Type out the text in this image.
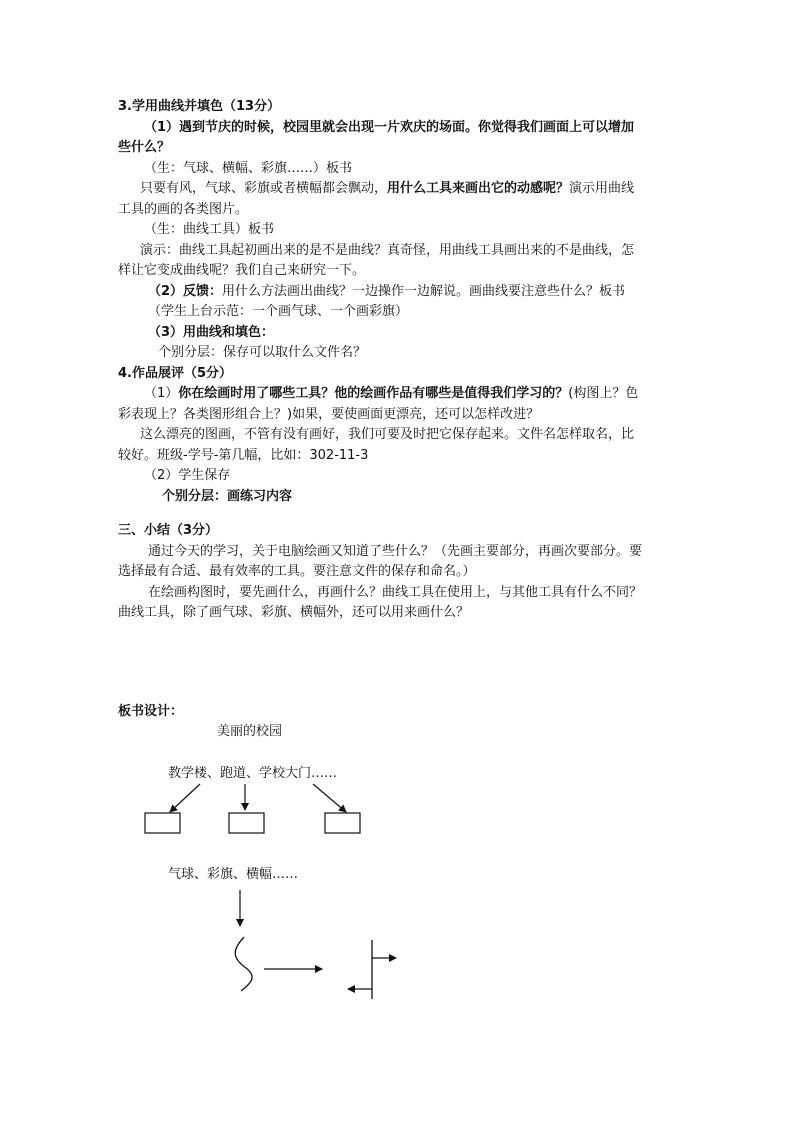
3.学用曲线并填色（13分）

（1）遇到节庆的时候，校园里就会出现一片欢庆的场面。你觉得我们画面上可以增加

些什么？

（生：气球、横幅、彩旗……）板书

只要有风，气球、彩旗或者横幅都会飘动，用什么工具来画出它的动感呢？演示用曲线

工具的画的各类图片。

（生：曲线工具）板书

演示：曲线工具起初画出来的是不是曲线？真奇怪，用曲线工具画出来的不是曲线，怎

样让它变成曲线呢？我们自己来研究一下。

（2）反馈：用什么方法画出曲线？一边操作一边解说。画曲线要注意些什么？板书

（学生上台示范：一个画气球、一个画彩旗）

（3）用曲线和填色：

个别分层：保存可以取什么文件名？

4.作品展评（5分）

（1）你在绘画时用了哪些工具？他的绘画作品有哪些是值得我们学习的？(构图上？色

彩表现上？各类图形组合上？)如果，要使画面更漂亮，还可以怎样改进？

这么漂亮的图画，不管有没有画好，我们可要及时把它保存起来。文件名怎样取名，比

较好。班级-学号-第几幅，比如：302-11-3

（2）学生保存

个别分层：画练习内容

三、小结（3分）

通过今天的学习，关于电脑绘画又知道了些什么？（先画主要部分，再画次要部分。要

选择最有合适、最有效率的工具。要注意文件的保存和命名。）

在绘画构图时，要先画什么，再画什么？曲线工具在使用上，与其他工具有什么不同？

曲线工具，除了画气球、彩旗、横幅外，还可以用来画什么？

板书设计：
美丽的校园
教学楼、跑道、学校大门……
气球、彩旗、横幅……
